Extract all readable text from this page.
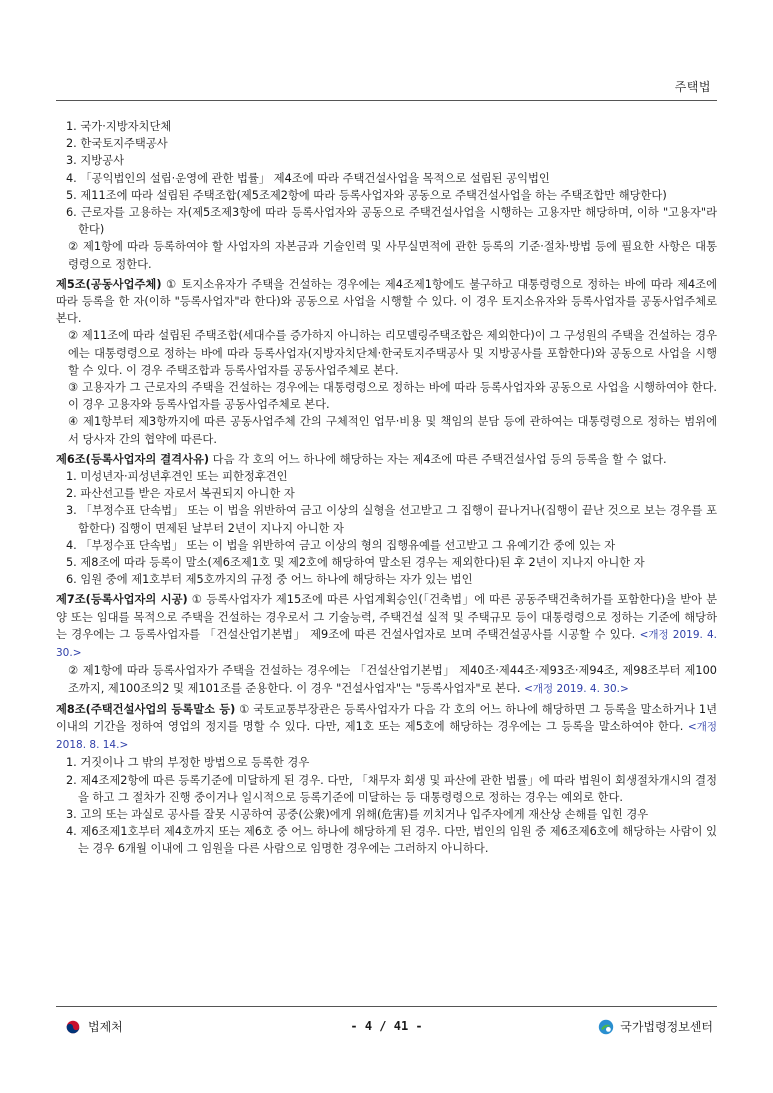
주택법
1. 국가·지방자치단체
2. 한국토지주택공사
3. 지방공사
4. 「공익법인의 설립·운영에 관한 법률」 제4조에 따라 주택건설사업을 목적으로 설립된 공익법인
5. 제11조에 따라 설립된 주택조합(제5조제2항에 따라 등록사업자와 공동으로 주택건설사업을 하는 주택조합만 해당한다)
6. 근로자를 고용하는 자(제5조제3항에 따라 등록사업자와 공동으로 주택건설사업을 시행하는 고용자만 해당하며, 이하 "고용자"라 한다)
② 제1항에 따라 등록하여야 할 사업자의 자본금과 기술인력 및 사무실면적에 관한 등록의 기준·절차·방법 등에 필요한 사항은 대통령령으로 정한다.
제5조(공동사업주체) ① 토지소유자가 주택을 건설하는 경우에는 제4조제1항에도 불구하고 대통령령으로 정하는 바에 따라 제4조에 따라 등록을 한 자(이하 "등록사업자"라 한다)와 공동으로 사업을 시행할 수 있다. 이 경우 토지소유자와 등록사업자를 공동사업주체로 본다.
② 제11조에 따라 설립된 주택조합(세대수를 증가하지 아니하는 리모델링주택조합은 제외한다)이 그 구성원의 주택을 건설하는 경우에는 대통령령으로 정하는 바에 따라 등록사업자(지방자치단체·한국토지주택공사 및 지방공사를 포함한다)와 공동으로 사업을 시행할 수 있다. 이 경우 주택조합과 등록사업자를 공동사업주체로 본다.
③ 고용자가 그 근로자의 주택을 건설하는 경우에는 대통령령으로 정하는 바에 따라 등록사업자와 공동으로 사업을 시행하여야 한다. 이 경우 고용자와 등록사업자를 공동사업주체로 본다.
④ 제1항부터 제3항까지에 따른 공동사업주체 간의 구체적인 업무·비용 및 책임의 분담 등에 관하여는 대통령령으로 정하는 범위에서 당사자 간의 협약에 따른다.
제6조(등록사업자의 결격사유) 다음 각 호의 어느 하나에 해당하는 자는 제4조에 따른 주택건설사업 등의 등록을 할 수 없다.
1. 미성년자·피성년후견인 또는 피한정후견인
2. 파산선고를 받은 자로서 복권되지 아니한 자
3. 「부정수표 단속법」 또는 이 법을 위반하여 금고 이상의 실형을 선고받고 그 집행이 끝나거나(집행이 끝난 것으로 보는 경우를 포함한다) 집행이 면제된 날부터 2년이 지나지 아니한 자
4. 「부정수표 단속법」 또는 이 법을 위반하여 금고 이상의 형의 집행유예를 선고받고 그 유예기간 중에 있는 자
5. 제8조에 따라 등록이 말소(제6조제1호 및 제2호에 해당하여 말소된 경우는 제외한다)된 후 2년이 지나지 아니한 자
6. 임원 중에 제1호부터 제5호까지의 규정 중 어느 하나에 해당하는 자가 있는 법인
제7조(등록사업자의 시공) ① 등록사업자가 제15조에 따른 사업계획승인(「건축법」에 따른 공동주택건축허가를 포함한다)을 받아 분양 또는 임대를 목적으로 주택을 건설하는 경우로서 그 기술능력, 주택건설 실적 및 주택규모 등이 대통령령으로 정하는 기준에 해당하는 경우에는 그 등록사업자를 「건설산업기본법」 제9조에 따른 건설사업자로 보며 주택건설공사를 시공할 수 있다. <개정 2019. 4. 30.>
② 제1항에 따라 등록사업자가 주택을 건설하는 경우에는 「건설산업기본법」 제40조·제44조·제93조·제94조, 제98조부터 제100조까지, 제100조의2 및 제101조를 준용한다. 이 경우 "건설사업자"는 "등록사업자"로 본다. <개정 2019. 4. 30.>
제8조(주택건설사업의 등록말소 등) ① 국토교통부장관은 등록사업자가 다음 각 호의 어느 하나에 해당하면 그 등록을 말소하거나 1년 이내의 기간을 정하여 영업의 정지를 명할 수 있다. 다만, 제1호 또는 제5호에 해당하는 경우에는 그 등록을 말소하여야 한다. <개정 2018. 8. 14.>
1. 거짓이나 그 밖의 부정한 방법으로 등록한 경우
2. 제4조제2항에 따른 등록기준에 미달하게 된 경우. 다만, 「채무자 회생 및 파산에 관한 법률」에 따라 법원이 회생절차개시의 결정을 하고 그 절차가 진행 중이거나 일시적으로 등록기준에 미달하는 등 대통령령으로 정하는 경우는 예외로 한다.
3. 고의 또는 과실로 공사를 잘못 시공하여 공중(公衆)에게 위해(危害)를 끼치거나 입주자에게 재산상 손해를 입힌 경우
4. 제6조제1호부터 제4호까지 또는 제6호 중 어느 하나에 해당하게 된 경우. 다만, 법인의 임원 중 제6조제6호에 해당하는 사람이 있는 경우 6개월 이내에 그 임원을 다른 사람으로 임명한 경우에는 그러하지 아니하다.
법제처	- 4 / 41 -	국가법령정보센터
